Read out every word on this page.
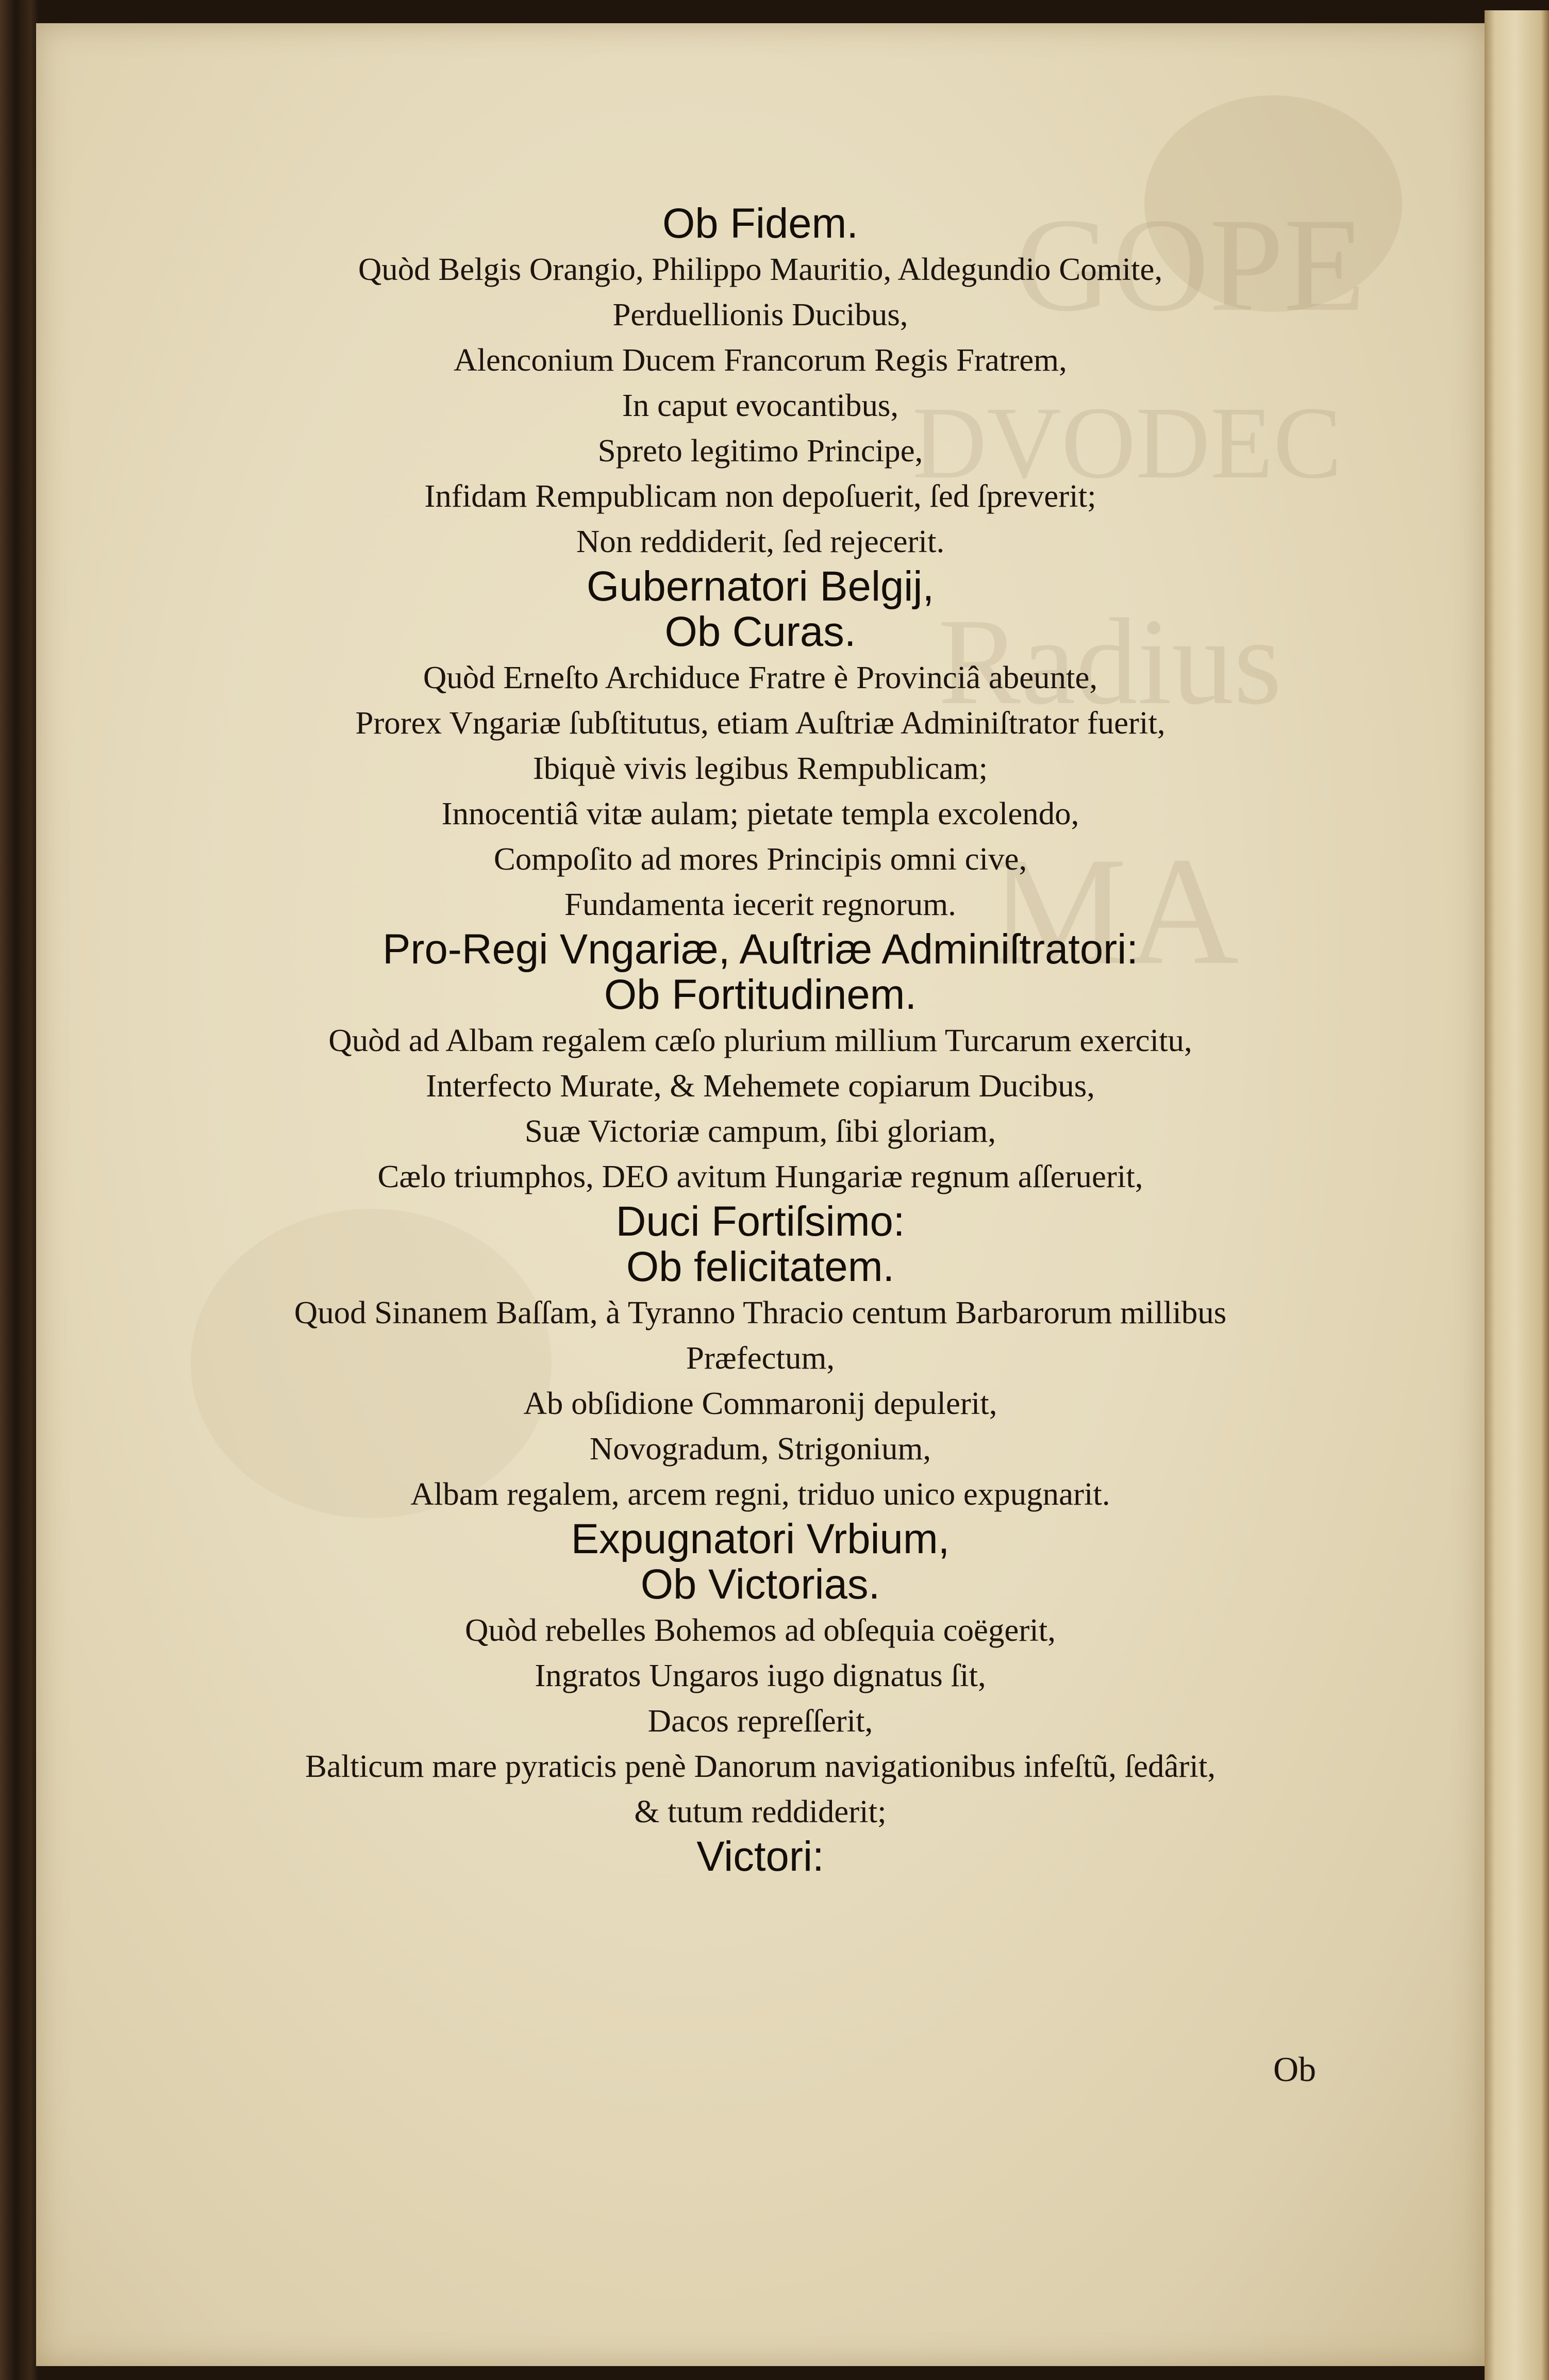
GOPE
DVODEC
Radius
MA
Ob Fidem.
Quòd Belgis Orangio, Philippo Mauritio, Aldegundio Comite,
Perduellionis Ducibus,
Alenconium Ducem Francorum Regis Fratrem,
In caput evocantibus,
Spreto legitimo Principe,
Infidam Rempublicam non depoſuerit, ſed ſpreverit;
Non reddiderit, ſed rejecerit.
Gubernatori Belgij,
Ob Curas.
Quòd Erneſto Archiduce Fratre è Provinciâ abeunte,
Prorex Vngariæ ſubſtitutus, etiam Auſtriæ Adminiſtrator fuerit,
Ibiquè vivis legibus Rempublicam;
Innocentiâ vitæ aulam; pietate templa excolendo,
Compoſito ad mores Principis omni cive,
Fundamenta iecerit regnorum.
Pro-Regi Vngariæ, Auſtriæ Adminiſtratori:
Ob Fortitudinem.
Quòd ad Albam regalem cæſo plurium millium Turcarum exercitu,
Interfecto Murate, & Mehemete copiarum Ducibus,
Suæ Victoriæ campum, ſibi gloriam,
Cælo triumphos, DEO avitum Hungariæ regnum aſſeruerit,
Duci Fortiſsimo:
Ob felicitatem.
Quod Sinanem Baſſam, à Tyranno Thracio centum Barbarorum millibus
Præfectum,
Ab obſidione Commaronij depulerit,
Novogradum, Strigonium,
Albam regalem, arcem regni, triduo unico expugnarit.
Expugnatori Vrbium,
Ob Victorias.
Quòd rebelles Bohemos ad obſequia coëgerit,
Ingratos Ungaros iugo dignatus ſit,
Dacos repreſſerit,
Balticum mare pyraticis penè Danorum navigationibus infeſtũ, ſedârit,
& tutum reddiderit;
Victori:
Ob
